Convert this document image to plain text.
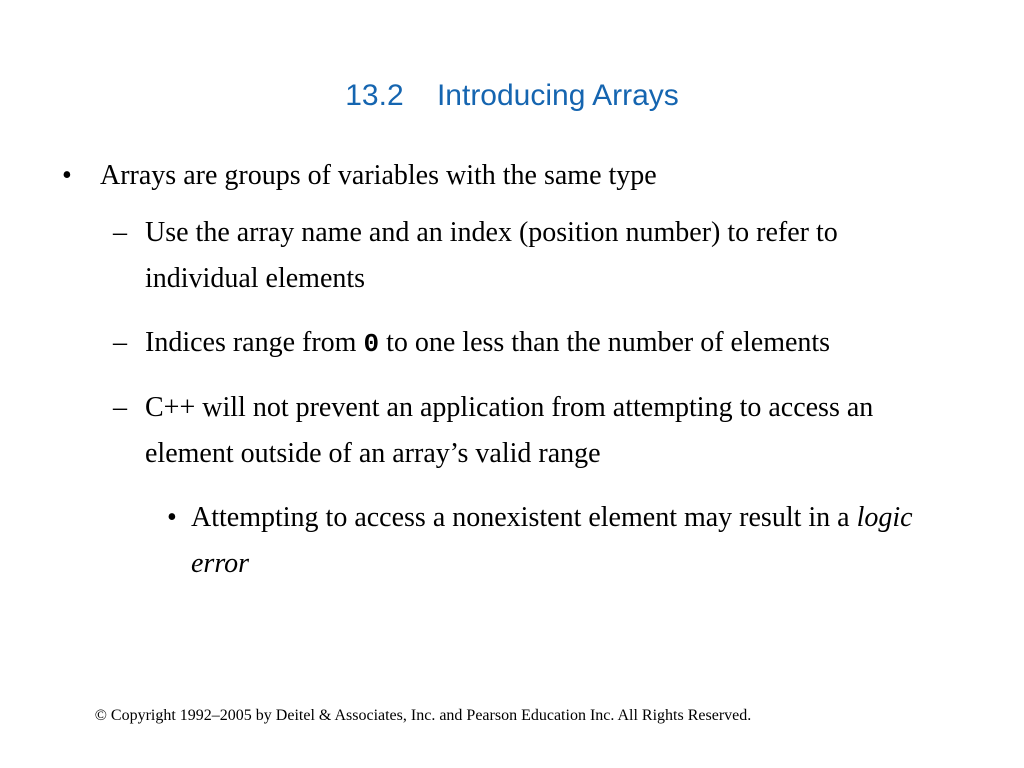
13.2    Introducing Arrays
• Arrays are groups of variables with the same type
– Use the array name and an index (position number) to refer to individual elements
– Indices range from 0 to one less than the number of elements
– C++ will not prevent an application from attempting to access an element outside of an array’s valid range
• Attempting to access a nonexistent element may result in a logic error
© Copyright 1992–2005 by Deitel & Associates, Inc. and Pearson Education Inc. All Rights Reserved.
